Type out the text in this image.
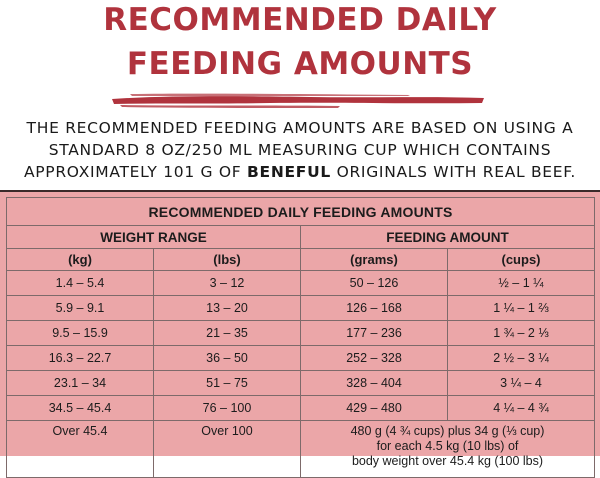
RECOMMENDED DAILY
FEEDING AMOUNTS
THE RECOMMENDED FEEDING AMOUNTS ARE BASED ON USING A
STANDARD 8 OZ/250 ML MEASURING CUP WHICH CONTAINS
APPROXIMATELY 101 G OF BENEFUL ORIGINALS WITH REAL BEEF.
RECOMMENDED DAILY FEEDING AMOUNTS			
WEIGHT RANGE		FEEDING AMOUNT	
(kg)	(lbs)	(grams)	(cups)
1.4 – 5.4	3 – 12	50 – 126	½ – 1 ¼
5.9 – 9.1	13 – 20	126 – 168	1 ¼ – 1 ⅔
9.5 – 15.9	21 – 35	177 – 236	1 ¾ – 2 ⅓
16.3 – 22.7	36 – 50	252 – 328	2 ½ – 3 ¼
23.1 – 34	51 – 75	328 – 404	3 ¼ – 4
34.5 – 45.4	76 – 100	429 – 480	4 ¼ – 4 ¾
Over 45.4	Over 100	480 g (4 ¾ cups) plus 34 g (⅓ cup)
for each 4.5 kg (10 lbs) of
body weight over 45.4 kg (100 lbs)	
